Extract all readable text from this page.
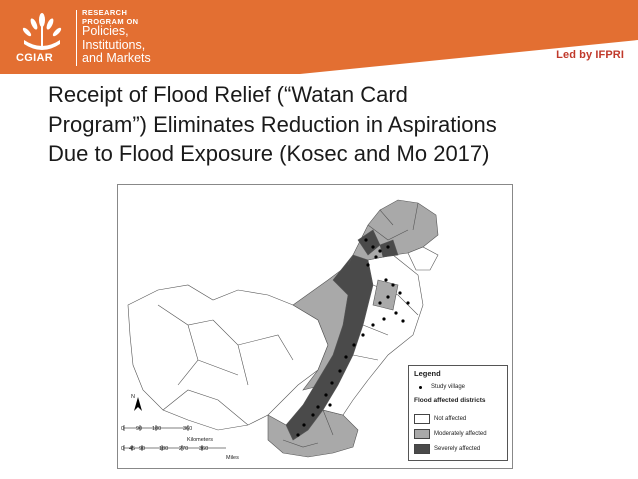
CGIAR
RESEARCH
PROGRAM ON
Policies,
Institutions,
and Markets	Led by IFPRI
Receipt of Flood Relief (“Watan Card
Program”) Eliminates Reduction in Aspirations
Due to Flood Exposure (Kosec and Mo 2017)
N
0 90 180	360
Kilometers
0 45 90	180 270 360
Miles
Legend
Study village
Flood affected districts
Not affected
Moderately affected
Severely affected
